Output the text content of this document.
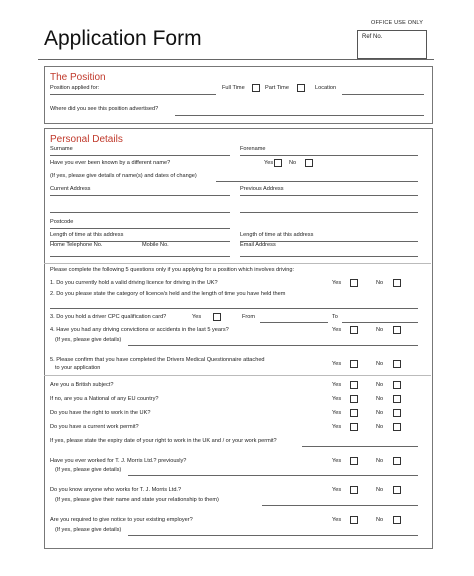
Application Form
OFFICE USE ONLY
Ref No.
The Position
Position applied for:	Full Time	Part Time	Location
Where did you see this position advertised?
Personal Details
Surname	Forename
Have you ever been known by a different name?	Yes	No
(If yes, please give details of name(s) and dates of change)
Current Address	Previous Address
Postcode
Length of time at this address	Length of time at this address
Home Telephone No.	Mobile No.	Email Address
Please complete the following 5 questions only if you applying for a position which involves driving:
1. Do you currently hold a valid driving licence for driving in the UK?	Yes	No
2. Do you please state the category of licence/s held and the length of time you have held them
3. Do you hold a driver CPC qualification card?	Yes	From	To
4. Have you had any driving convictions or accidents in the last 5 years?	Yes	No
(If yes, please give details)
5. Please confirm that you have completed the Drivers Medical Questionnaire attached
to your application
Yes	No
Are you a British subject?	Yes	No
If no, are you a National of any EU country?	Yes	No
Do you have the right to work in the UK?	Yes	No
Do you have a current work permit?	Yes	No
If yes, please state the expiry date of your right to work in the UK and / or your work permit?
Have you ever worked for T. J. Morris Ltd.? previously?	Yes	No
(If yes, please give details)
Do you know anyone who works for T. J. Morris Ltd.?	Yes	No
(If yes, please give their name and state your relationship to them)
Are you required to give notice to your existing employer?	Yes	No
(If yes, please give details)
